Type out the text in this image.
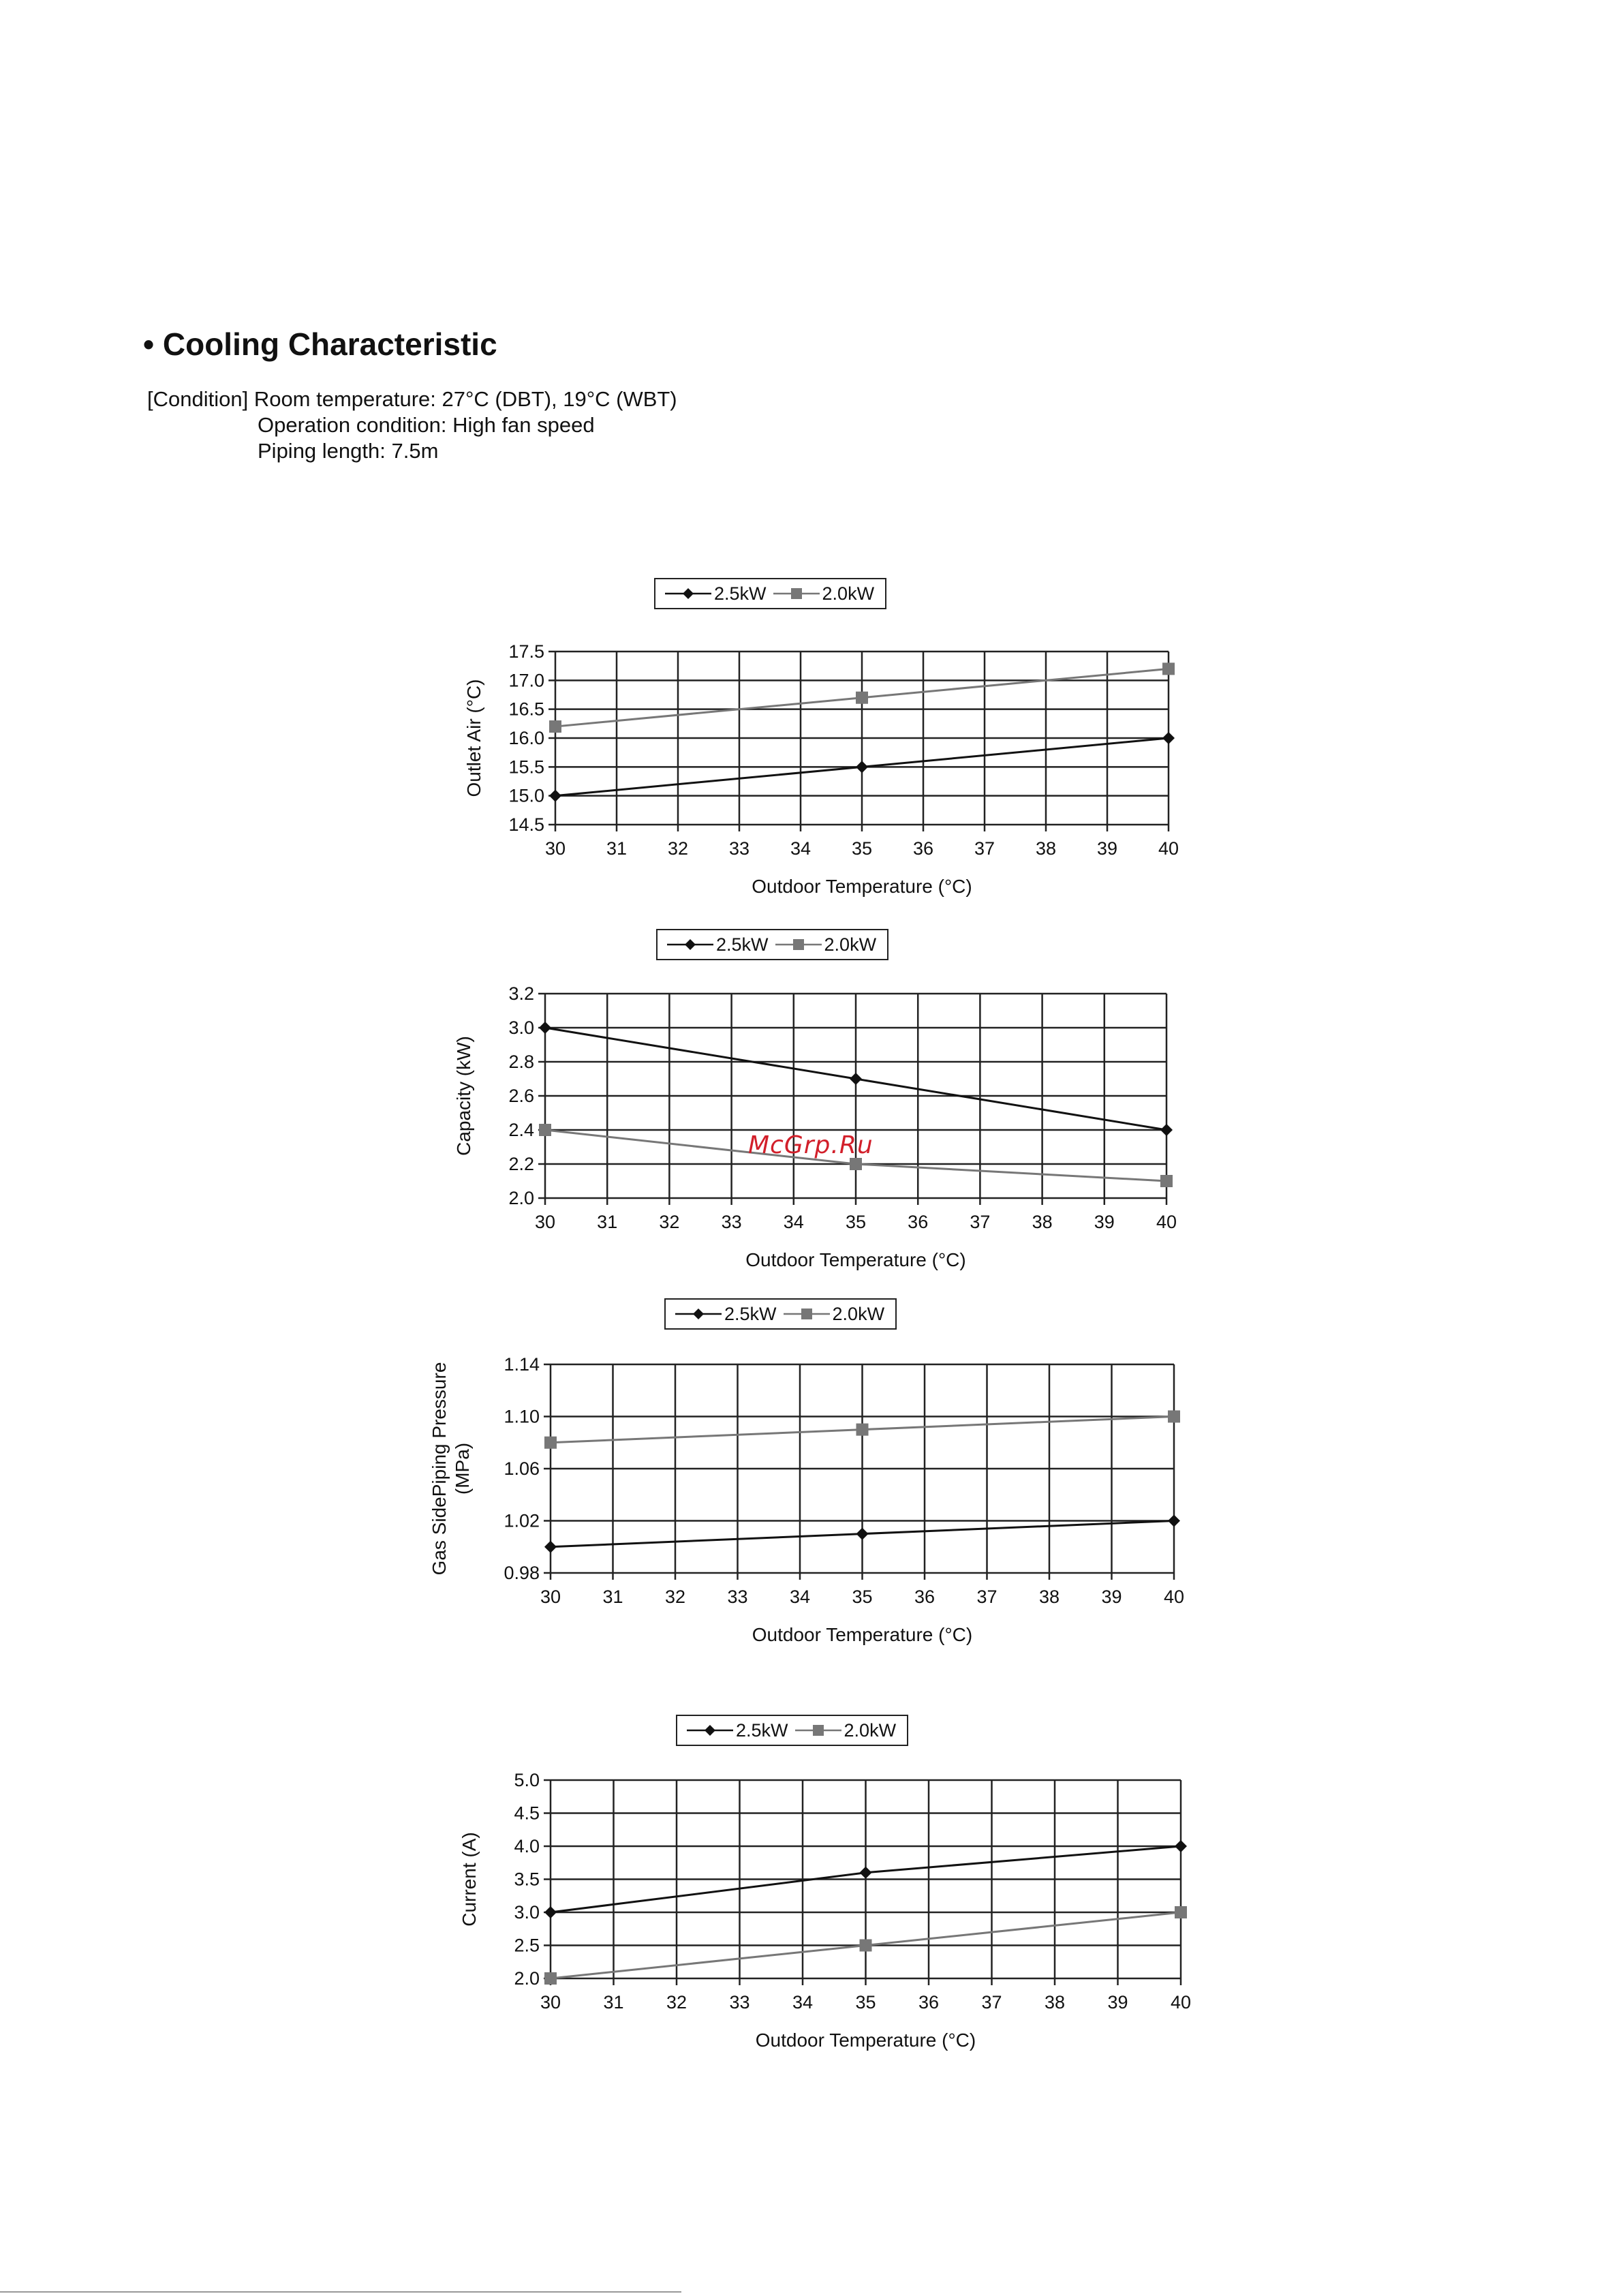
• Cooling Characteristic
[Condition] Room temperature: 27°C (DBT), 19°C (WBT)
Operation condition: High fan speed
Piping length: 7.5m
2.5kW	2.0kW
30 31 32 33 34 35 36 37 38 39 40
14.5
15.0
15.5
16.0
16.5
17.0
17.5
Outdoor Temperature (°C)
Outlet Air (°C)
2.5kW	2.0kW
30 31 32 33 34 35 36 37 38 39 40
2.0
2.2
2.4
2.6
2.8
3.0
3.2
Outdoor Temperature (°C)
Capacity (kW)
2.5kW	2.0kW
30 31 32 33 34 35 36 37 38 39 40
0.98
1.02
1.06
1.10
1.14
Outdoor Temperature (°C)
Gas SidePiping Pressure (MPa)
2.5kW	2.0kW
30 31 32 33 34 35 36 37 38 39 40
2.0
2.5
3.0
3.5
4.0
4.5
5.0
Outdoor Temperature (°C)
Current (A)
McGrp.Ru
